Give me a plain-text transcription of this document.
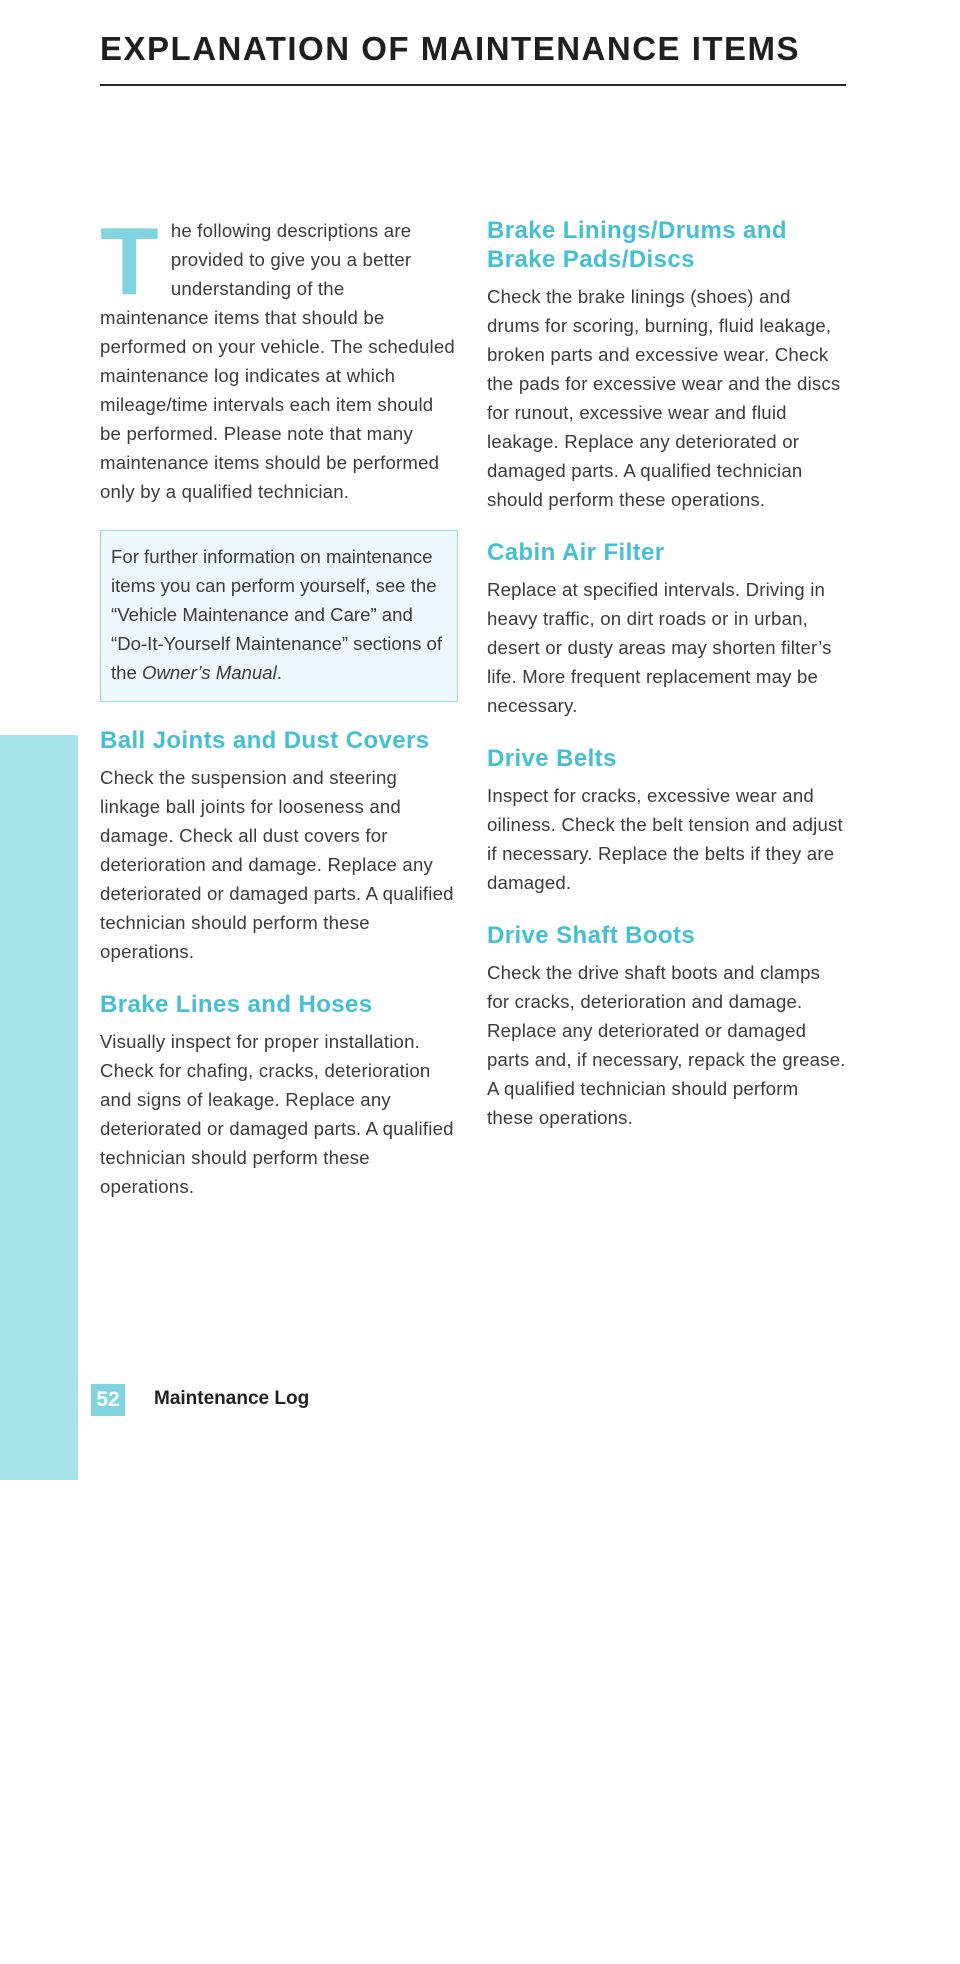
MAINTENANCE
EXPLANATION OF MAINTENANCE ITEMS

The following descriptions are provided to give you a better understanding of the maintenance items that should be performed on your vehicle. The scheduled maintenance log indicates at which mileage/time intervals each item should be performed. Please note that many maintenance items should be performed only by a qualified technician.

For further information on maintenance items you can perform yourself, see the “Vehicle Maintenance and Care” and “Do-It-Yourself Maintenance” sections of the Owner’s Manual.

Ball Joints and Dust Covers

Check the suspension and steering linkage ball joints for looseness and damage. Check all dust covers for deterioration and damage. Replace any deteriorated or damaged parts. A qualified technician should perform these operations.

Brake Lines and Hoses

Visually inspect for proper installation. Check for chafing, cracks, deterioration and signs of leakage. Replace any deteriorated or damaged parts. A qualified technician should perform these operations.

Brake Linings/Drums and Brake Pads/Discs

Check the brake linings (shoes) and drums for scoring, burning, fluid leakage, broken parts and excessive wear. Check the pads for excessive wear and the discs for runout, excessive wear and fluid leakage. Replace any deteriorated or damaged parts. A qualified technician should perform these operations.

Cabin Air Filter

Replace at specified intervals. Driving in heavy traffic, on dirt roads or in urban, desert or dusty areas may shorten filter’s life. More frequent replacement may be necessary.

Drive Belts

Inspect for cracks, excessive wear and oiliness. Check the belt tension and adjust if necessary. Replace the belts if they are damaged.

Drive Shaft Boots

Check the drive shaft boots and clamps for cracks, deterioration and damage. Replace any deteriorated or damaged parts and, if necessary, repack the grease. A qualified technician should perform these operations.

52 Maintenance Log
